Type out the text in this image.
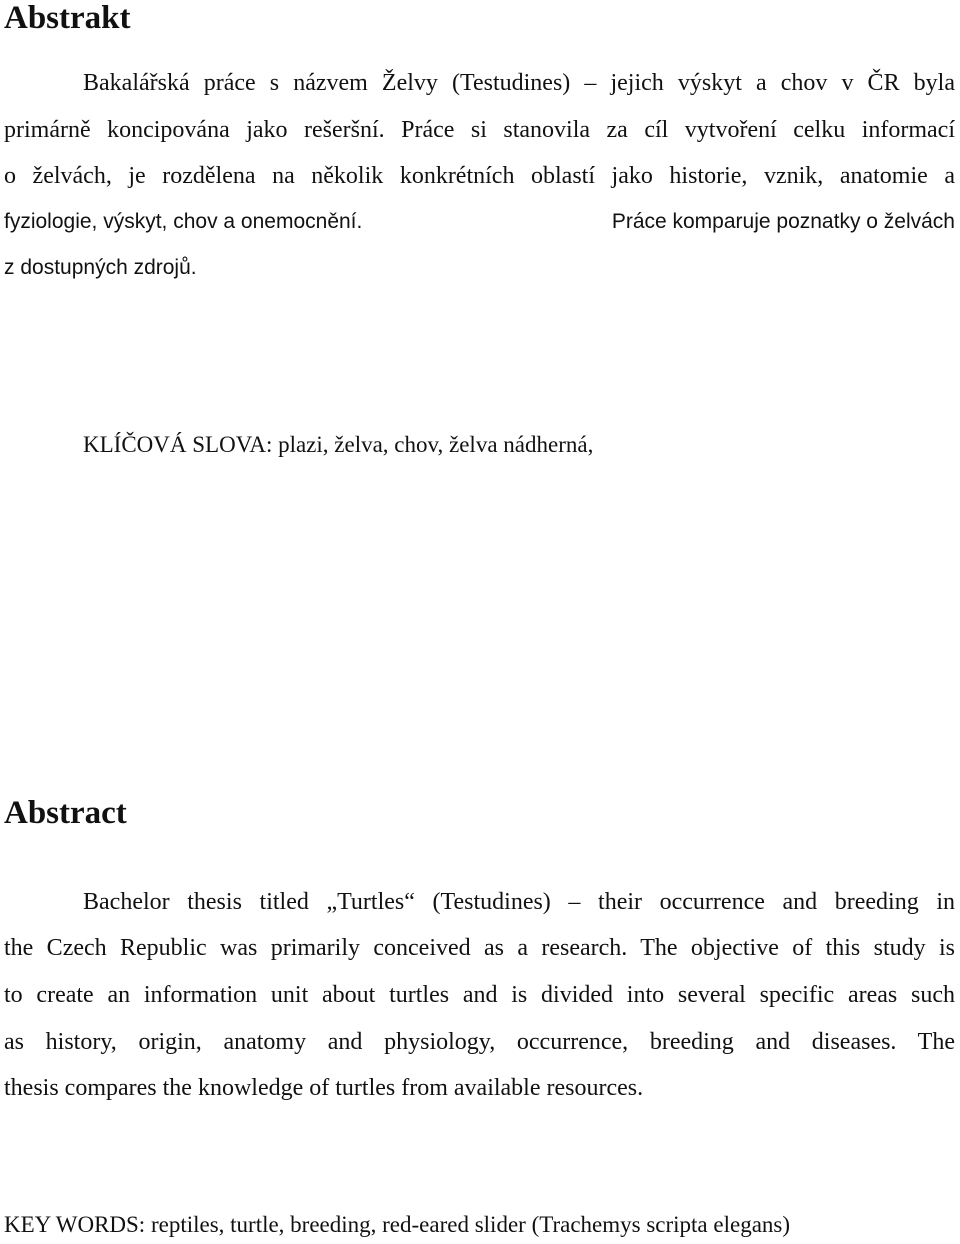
Abstrakt
Bakalářská práce s názvem Želvy (Testudines) – jejich výskyt a chov v ČR byla
primárně koncipována jako rešeršní. Práce si stanovila za cíl vytvoření celku informací
o želvách, je rozdělena na několik konkrétních oblastí jako historie, vznik, anatomie a
fyziologie, výskyt, chov a onemocnění.	Práce komparuje poznatky o želvách
z dostupných zdrojů.
KLÍČOVÁ SLOVA: plazi, želva, chov, želva nádherná,
Abstract
Bachelor thesis titled „Turtles“ (Testudines) – their occurrence and breeding in
the Czech Republic was primarily conceived as a research. The objective of this study is
to create an information unit about turtles and is divided into several specific areas such
as history, origin, anatomy and physiology, occurrence, breeding and diseases. The
thesis compares the knowledge of turtles from available resources.
KEY WORDS: reptiles, turtle, breeding, red-eared slider (Trachemys scripta elegans)
